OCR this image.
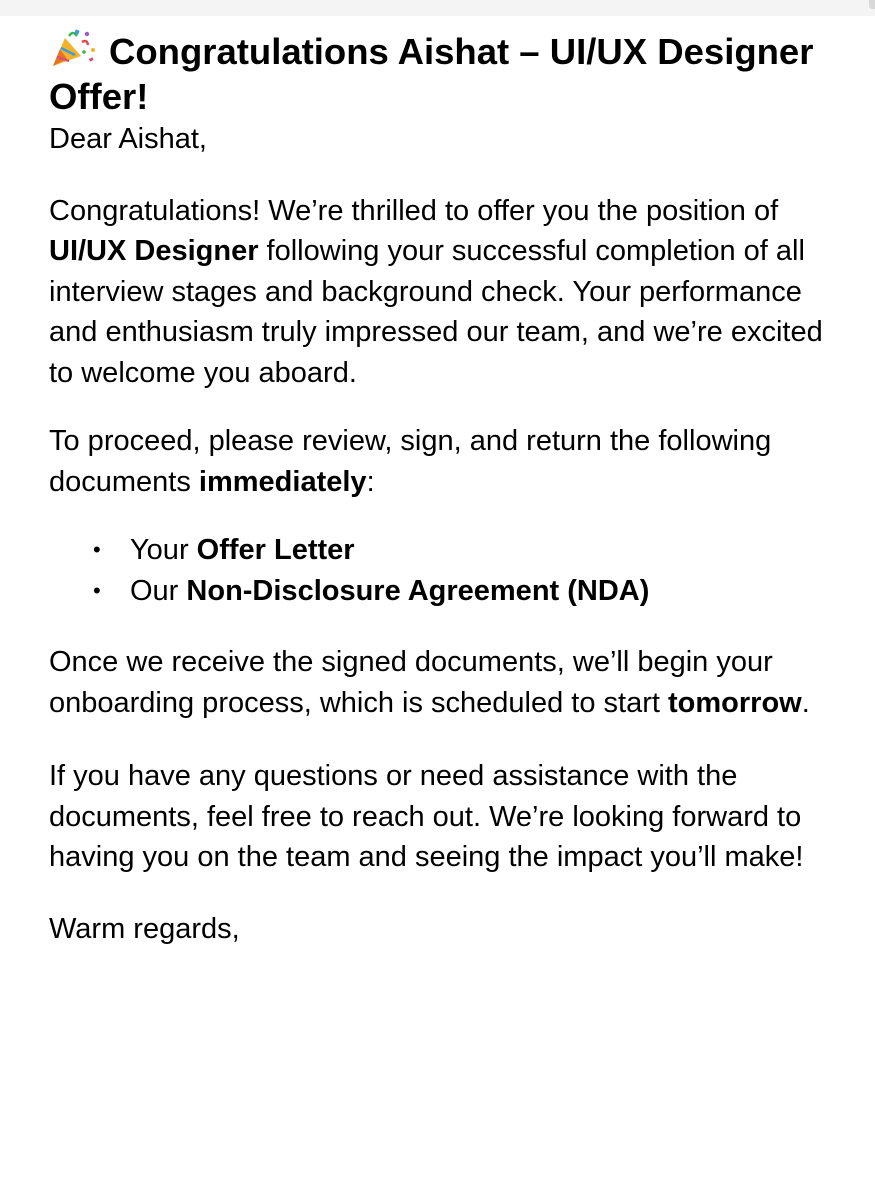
Congratulations Aishat – UI/UX Designer Offer!

Dear Aishat,

Congratulations! We’re thrilled to offer you the position of UI/UX Designer following your successful completion of all interview stages and background check. Your performance and enthusiasm truly impressed our team, and we’re excited to welcome you aboard.

To proceed, please review, sign, and return the following documents immediately:

• Your Offer Letter
• Our Non-Disclosure Agreement (NDA)

Once we receive the signed documents, we’ll begin your onboarding process, which is scheduled to start tomorrow.

If you have any questions or need assistance with the documents, feel free to reach out. We’re looking forward to having you on the team and seeing the impact you’ll make!

Warm regards,
